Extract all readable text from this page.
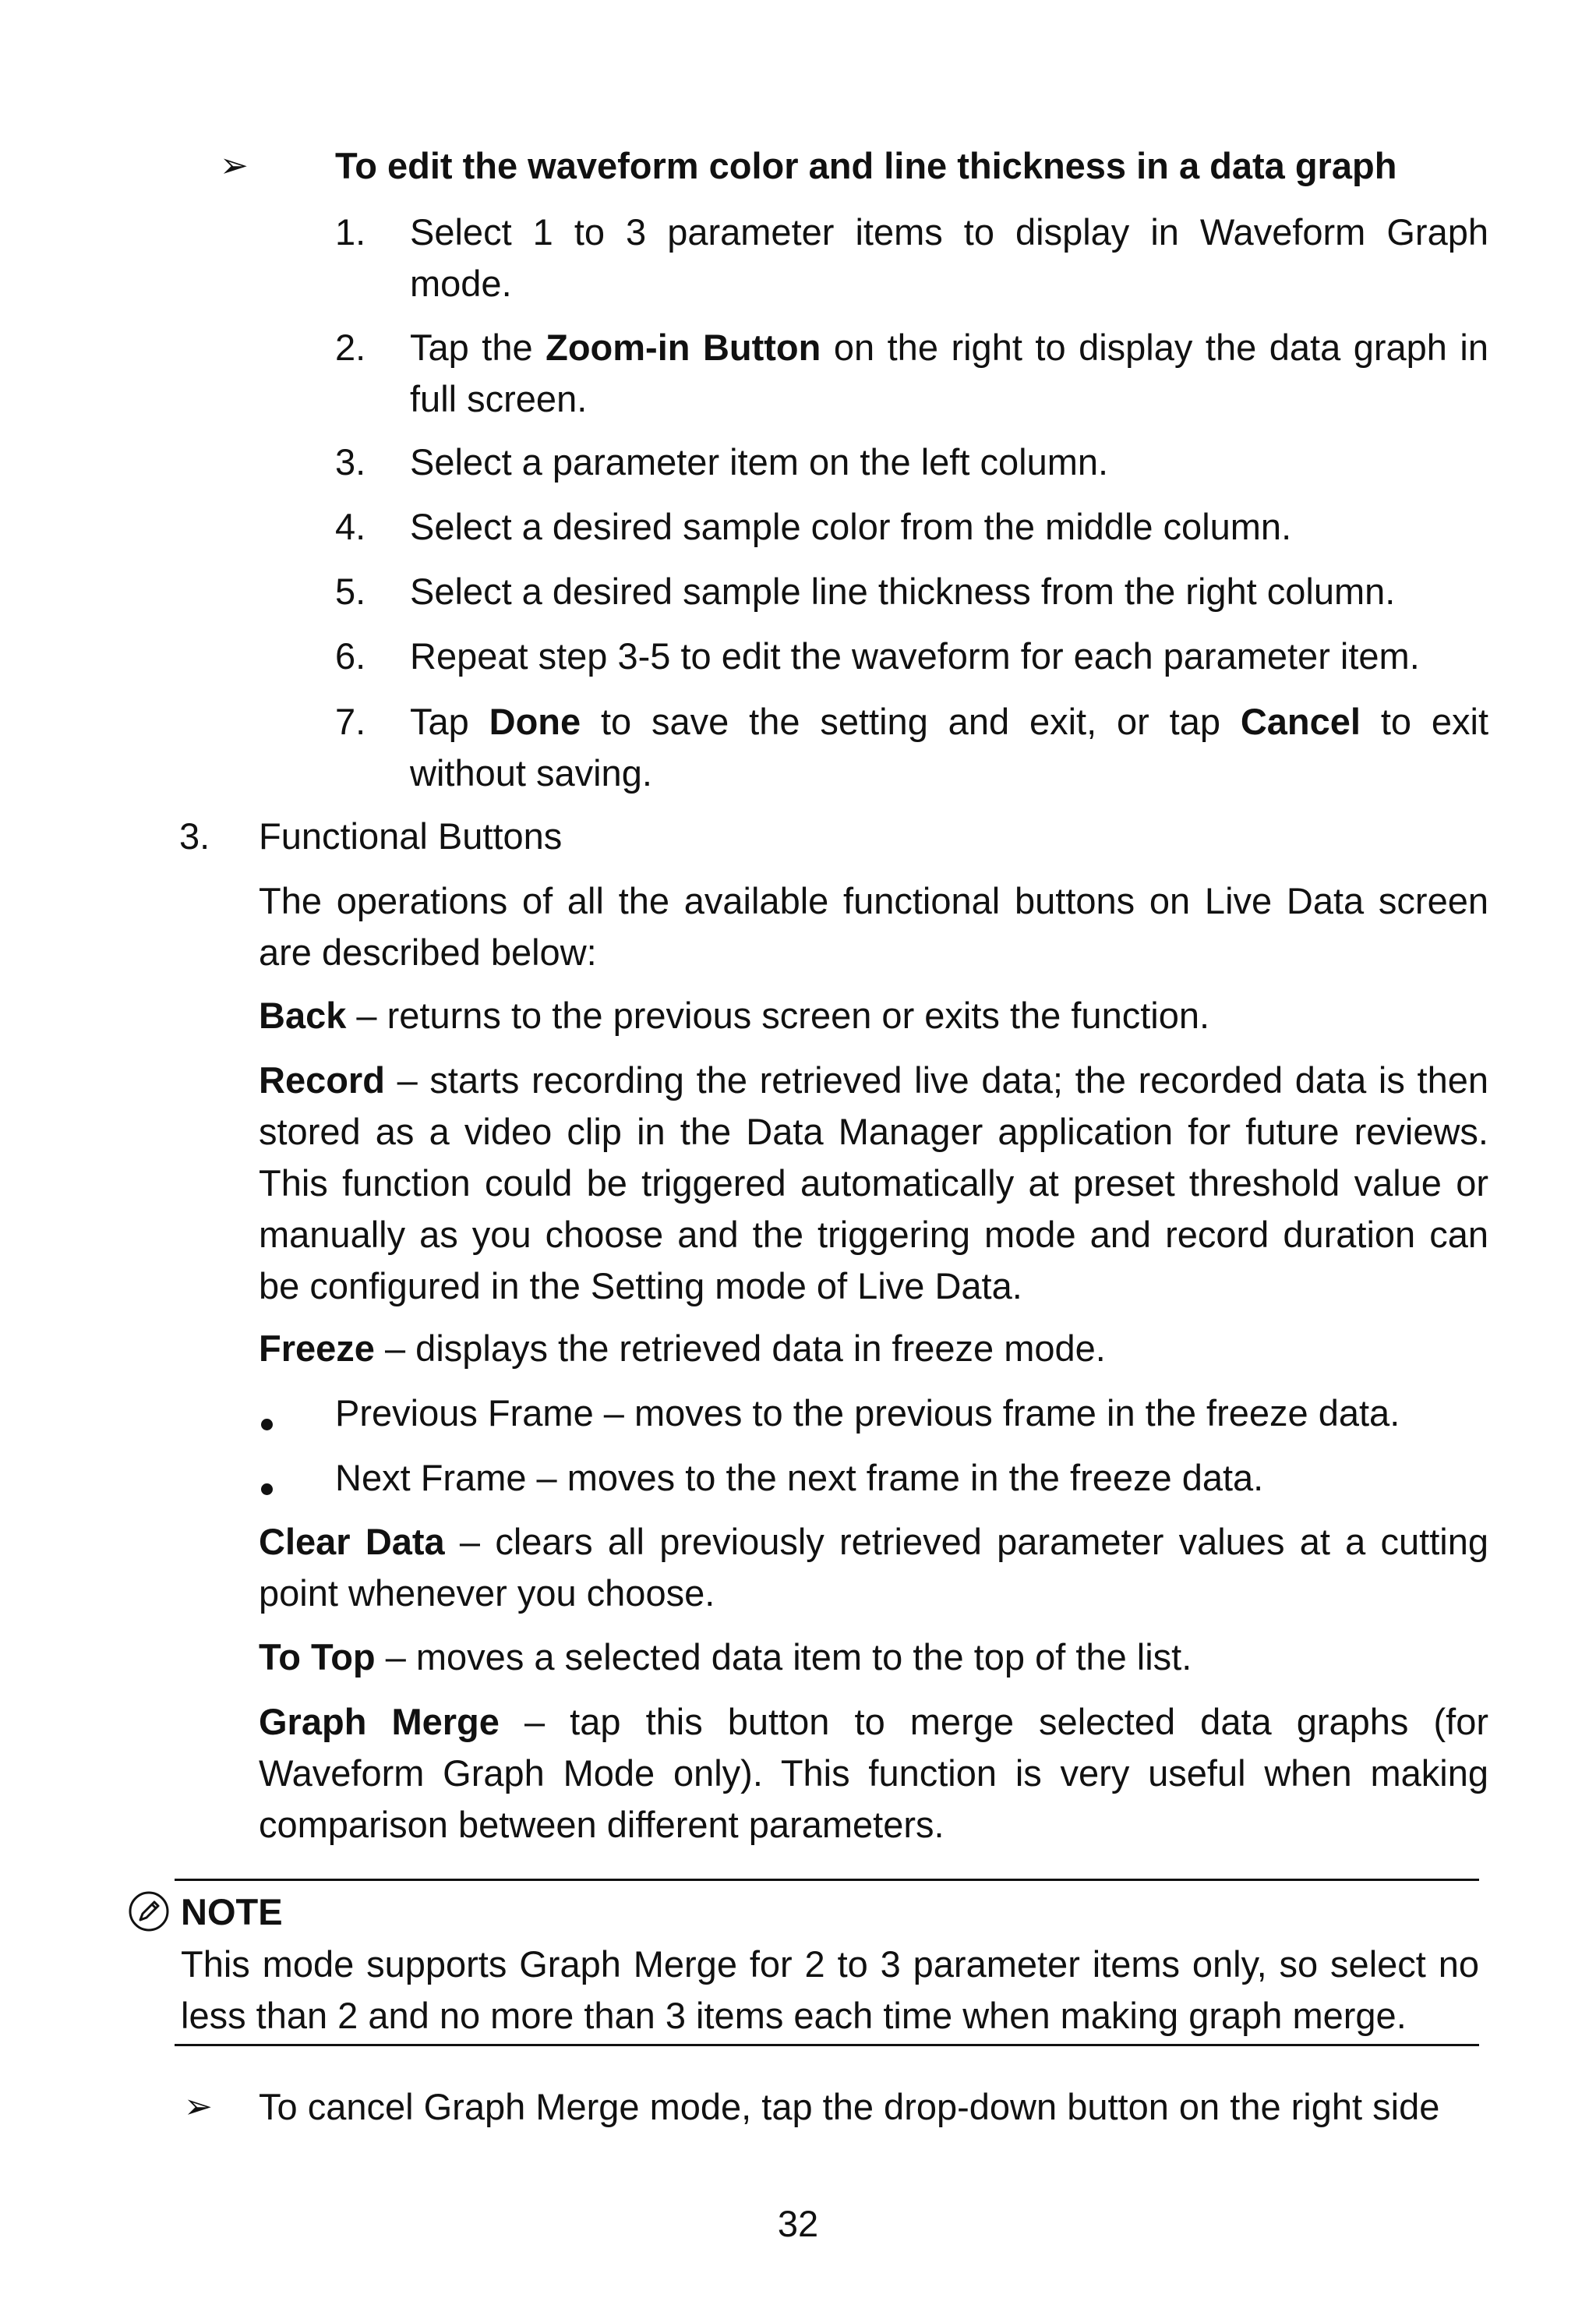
➢ To edit the waveform color and line thickness in a data graph
1. Select 1 to 3 parameter items to display in Waveform Graph mode.
2. Tap the Zoom-in Button on the right to display the data graph in full screen.
3. Select a parameter item on the left column.
4. Select a desired sample color from the middle column.
5. Select a desired sample line thickness from the right column.
6. Repeat step 3-5 to edit the waveform for each parameter item.
7. Tap Done to save the setting and exit, or tap Cancel to exit without saving.
3. Functional Buttons
The operations of all the available functional buttons on Live Data screen are described below:
Back – returns to the previous screen or exits the function.
Record – starts recording the retrieved live data; the recorded data is then stored as a video clip in the Data Manager application for future reviews. This function could be triggered automatically at preset threshold value or manually as you choose and the triggering mode and record duration can be configured in the Setting mode of Live Data.
Freeze – displays the retrieved data in freeze mode.
Previous Frame – moves to the previous frame in the freeze data.
Next Frame – moves to the next frame in the freeze data.
Clear Data – clears all previously retrieved parameter values at a cutting point whenever you choose.
To Top – moves a selected data item to the top of the list.
Graph Merge – tap this button to merge selected data graphs (for Waveform Graph Mode only). This function is very useful when making comparison between different parameters.
NOTE
This mode supports Graph Merge for 2 to 3 parameter items only, so select no less than 2 and no more than 3 items each time when making graph merge.
➢ To cancel Graph Merge mode, tap the drop-down button on the right side
32
